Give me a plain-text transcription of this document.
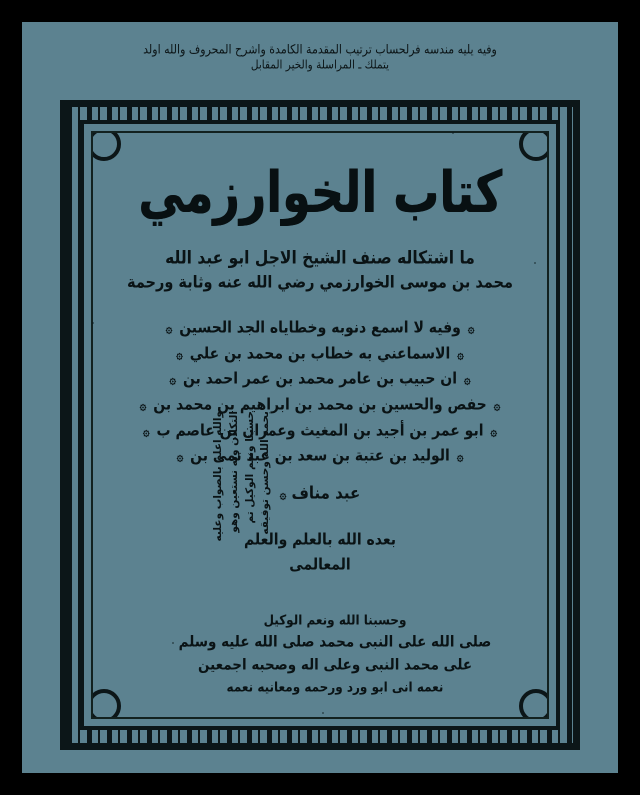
وفيه يليه مندسه فرلحساب ترتيب المقدمة الكامدة واشرح المحروف والله اولد
يتملك ـ المراسلة والخير المقابل
كتاب الخوارزمي
ما اشتكاله صنف الشيخ الاجل ابو عبد الله
محمد بن موسى الخوارزمي رضي الله عنه وثابة ورحمة
۞
وفيه لا اسمع دنوبه وخطاياه الجد الحسين
۞
۞
الاسماعني به خطاب بن محمد بن علي
۞
۞
ان حبيب بن عامر محمد بن عمر احمد بن
۞
۞
حفص والحسين بن محمد بن ابراهيم بن محمد بن
۞
۞
ابو عمر بن أجيد بن المغيث وعمران بن عاصم ب
۞
۞
الوليد بن عتبة بن سعد بن عبد تمى بن
۞
عبد مناف ۞
بعده الله بالعلم والعلم
المعالمى
والله اعلم بالصواب وعليه التكلان وبه نستعين وهو حسبنا ونعم الوكيل تم بحمد الله وحسن توفيقه
وحسبنا الله ونعم الوكيل
صلى الله على النبى محمد صلى الله عليه وسلم
على محمد النبى وعلى اله وصحبه اجمعين
نعمه انى ابو ورد ورحمه ومعانيه نعمه
